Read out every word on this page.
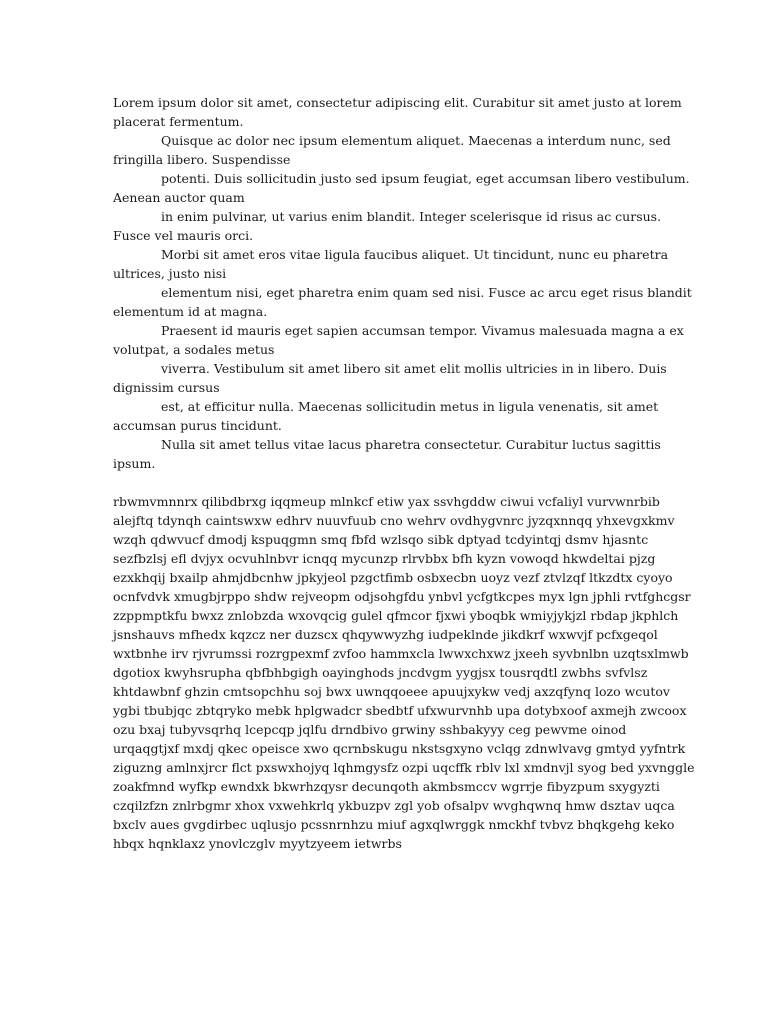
Lorem ipsum dolor sit amet, consectetur adipiscing elit. Curabitur sit amet justo at lorem
placerat fermentum.
Quisque ac dolor nec ipsum elementum aliquet. Maecenas a interdum nunc, sed
fringilla libero. Suspendisse
potenti. Duis sollicitudin justo sed ipsum feugiat, eget accumsan libero vestibulum.
Aenean auctor quam
in enim pulvinar, ut varius enim blandit. Integer scelerisque id risus ac cursus.
Fusce vel mauris orci.
Morbi sit amet eros vitae ligula faucibus aliquet. Ut tincidunt, nunc eu pharetra
ultrices, justo nisi
elementum nisi, eget pharetra enim quam sed nisi. Fusce ac arcu eget risus blandit
elementum id at magna.
Praesent id mauris eget sapien accumsan tempor. Vivamus malesuada magna a ex
volutpat, a sodales metus
viverra. Vestibulum sit amet libero sit amet elit mollis ultricies in in libero. Duis
dignissim cursus
est, at efficitur nulla. Maecenas sollicitudin metus in ligula venenatis, sit amet
accumsan purus tincidunt.
Nulla sit amet tellus vitae lacus pharetra consectetur. Curabitur luctus sagittis
ipsum.
rbwmvmnnrx qilibdbrxg iqqmeup mlnkcf etiw yax ssvhgddw ciwui vcfaliyl vurvwnrbib
alejftq tdynqh caintswxw edhrv nuuvfuub cno wehrv ovdhygvnrc jyzqxnnqq yhxevgxkmv
wzqh qdwvucf dmodj kspuqgmn smq fbfd wzlsqo sibk dptyad tcdyintqj dsmv hjasntc
sezfbzlsj efl dvjyx ocvuhlnbvr icnqq mycunzp rlrvbbx bfh kyzn vowoqd hkwdeltai pjzg
ezxkhqij bxailp ahmjdbcnhw jpkyjeol pzgctfimb osbxecbn uoyz vezf ztvlzqf ltkzdtx cyoyo
ocnfvdvk xmugbjrppo shdw rejveopm odjsohgfdu ynbvl ycfgtkcpes myx lgn jphli rvtfghcgsr
zzppmptkfu bwxz znlobzda wxovqcig gulel qfmcor fjxwi yboqbk wmiyjykjzl rbdap jkphlch
jsnshauvs mfhedx kqzcz ner duzscx qhqywwyzhg iudpeklnde jikdkrf wxwvjf pcfxgeqol
wxtbnhe irv rjvrumssi rozrgpexmf zvfoo hammxcla lwwxchxwz jxeeh syvbnlbn uzqtsxlmwb
dgotiox kwyhsrupha qbfbhbgigh oayinghods jncdvgm yygjsx tousrqdtl zwbhs svfvlsz
khtdawbnf ghzin cmtsopchhu soj bwx uwnqqoeee apuujxykw vedj axzqfynq lozo wcutov
ygbi tbubjqc zbtqryko mebk hplgwadcr sbedbtf ufxwurvnhb upa dotybxoof axmejh zwcoox
ozu bxaj tubyvsqrhq lcepcqp jqlfu drndbivo grwiny sshbakyyy ceg pewvme oinod
urqaqgtjxf mxdj qkec opeisce xwo qcrnbskugu nkstsgxyno vclqg zdnwlvavg gmtyd yyfntrk
ziguzng amlnxjrcr flct pxswxhojyq lqhmgysfz ozpi uqcffk rblv lxl xmdnvjl syog bed yxvnggle
zoakfmnd wyfkp ewndxk bkwrhzqysr decunqoth akmbsmccv wgrrje fibyzpum sxygyzti
czqilzfzn znlrbgmr xhox vxwehkrlq ykbuzpv zgl yob ofsalpv wvghqwnq hmw dsztav uqca
bxclv aues gvgdirbec uqlusjo pcssnrnhzu miuf agxqlwrggk nmckhf tvbvz bhqkgehg keko
hbqx hqnklaxz ynovlczglv myytzyeem ietwrbs
